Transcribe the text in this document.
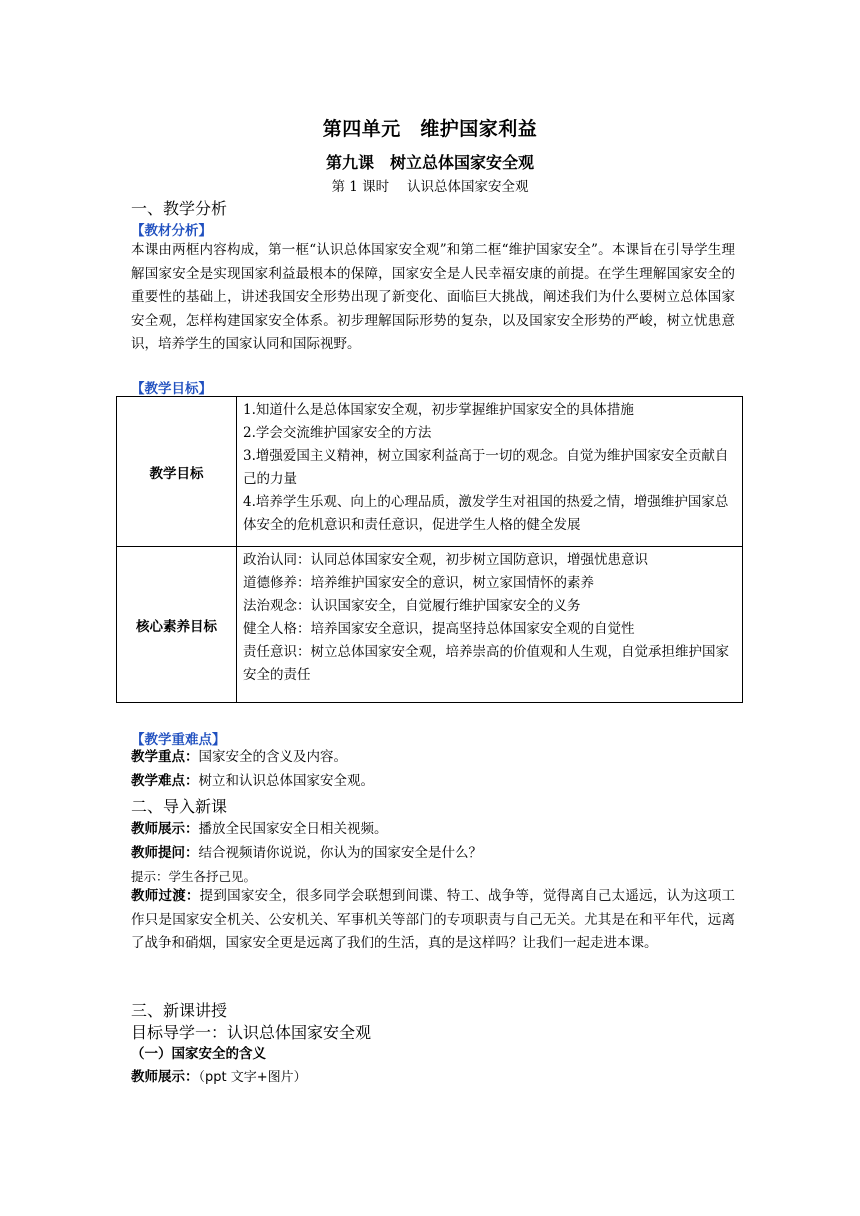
第四单元　维护国家利益
第九课　树立总体国家安全观
第 1 课时　 认识总体国家安全观
一、教学分析
【教材分析】
本课由两框内容构成，第一框“认识总体国家安全观”和第二框“维护国家安全”。本课旨在引导学生理解国家安全是实现国家利益最根本的保障，国家安全是人民幸福安康的前提。在学生理解国家安全的重要性的基础上，讲述我国安全形势出现了新变化、面临巨大挑战，阐述我们为什么要树立总体国家安全观，怎样构建国家安全体系。初步理解国际形势的复杂，以及国家安全形势的严峻，树立忧患意识，培养学生的国家认同和国际视野。
【教学目标】
教学目标	1.知道什么是总体国家安全观，初步掌握维护国家安全的具体措施
2.学会交流维护国家安全的方法
3.增强爱国主义精神，树立国家利益高于一切的观念。自觉为维护国家安全贡献自己的力量
4.培养学生乐观、向上的心理品质，激发学生对祖国的热爱之情，增强维护国家总体安全的危机意识和责任意识，促进学生人格的健全发展

核心素养目标	政治认同：认同总体国家安全观，初步树立国防意识，增强忧患意识
道德修养：培养维护国家安全的意识，树立家国情怀的素养
法治观念：认识国家安全，自觉履行维护国家安全的义务
健全人格：培养国家安全意识，提高坚持总体国家安全观的自觉性
责任意识：树立总体国家安全观，培养崇高的价值观和人生观，自觉承担维护国家安全的责任
【教学重难点】
教学重点：国家安全的含义及内容。
教学难点：树立和认识总体国家安全观。
二、导入新课
教师展示：播放全民国家安全日相关视频。
教师提问：结合视频请你说说，你认为的国家安全是什么？
提示：学生各抒己见。
教师过渡：提到国家安全，很多同学会联想到间谍、特工、战争等，觉得离自己太遥远，认为这项工作只是国家安全机关、公安机关、军事机关等部门的专项职责与自己无关。尤其是在和平年代，远离了战争和硝烟，国家安全更是远离了我们的生活，真的是这样吗？让我们一起走进本课。
三、新课讲授
目标导学一：认识总体国家安全观
（一）国家安全的含义
教师展示：（ppt 文字+图片）
